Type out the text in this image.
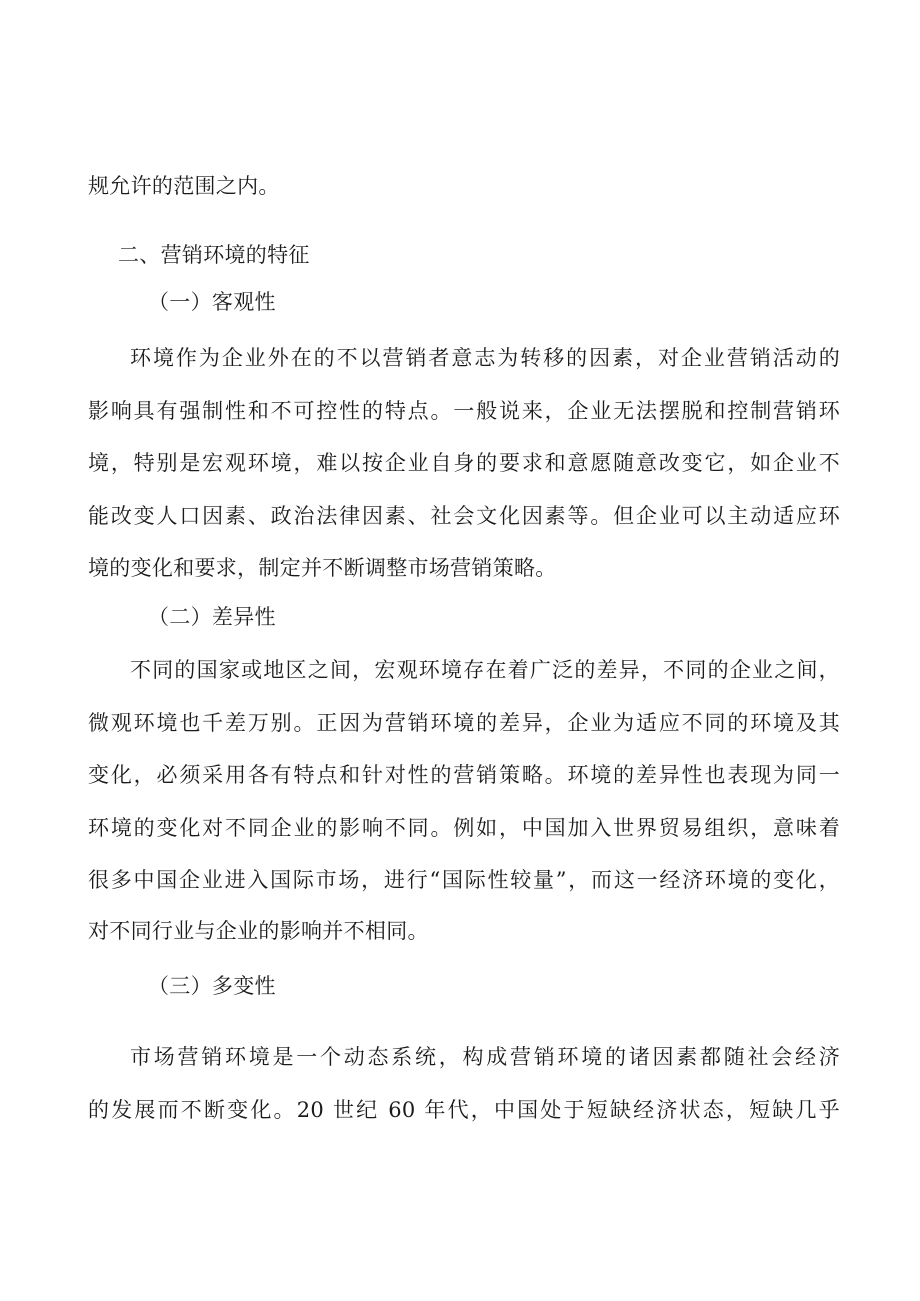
规允许的范围之内。
二、营销环境的特征
（一）客观性
环境作为企业外在的不以营销者意志为转移的因素，对企业营销活动的
影响具有强制性和不可控性的特点。一般说来，企业无法摆脱和控制营销环
境，特别是宏观环境，难以按企业自身的要求和意愿随意改变它，如企业不
能改变人口因素、政治法律因素、社会文化因素等。但企业可以主动适应环
境的变化和要求，制定并不断调整市场营销策略。
（二）差异性
不同的国家或地区之间，宏观环境存在着广泛的差异，不同的企业之间，
微观环境也千差万别。正因为营销环境的差异，企业为适应不同的环境及其
变化，必须采用各有特点和针对性的营销策略。环境的差异性也表现为同一
环境的变化对不同企业的影响不同。例如，中国加入世界贸易组织，意味着
很多中国企业进入国际市场，进行“国际性较量”，而这一经济环境的变化，
对不同行业与企业的影响并不相同。
（三）多变性
市场营销环境是一个动态系统，构成营销环境的诸因素都随社会经济
的发展而不断变化。20 世纪 60 年代，中国处于短缺经济状态，短缺几乎
